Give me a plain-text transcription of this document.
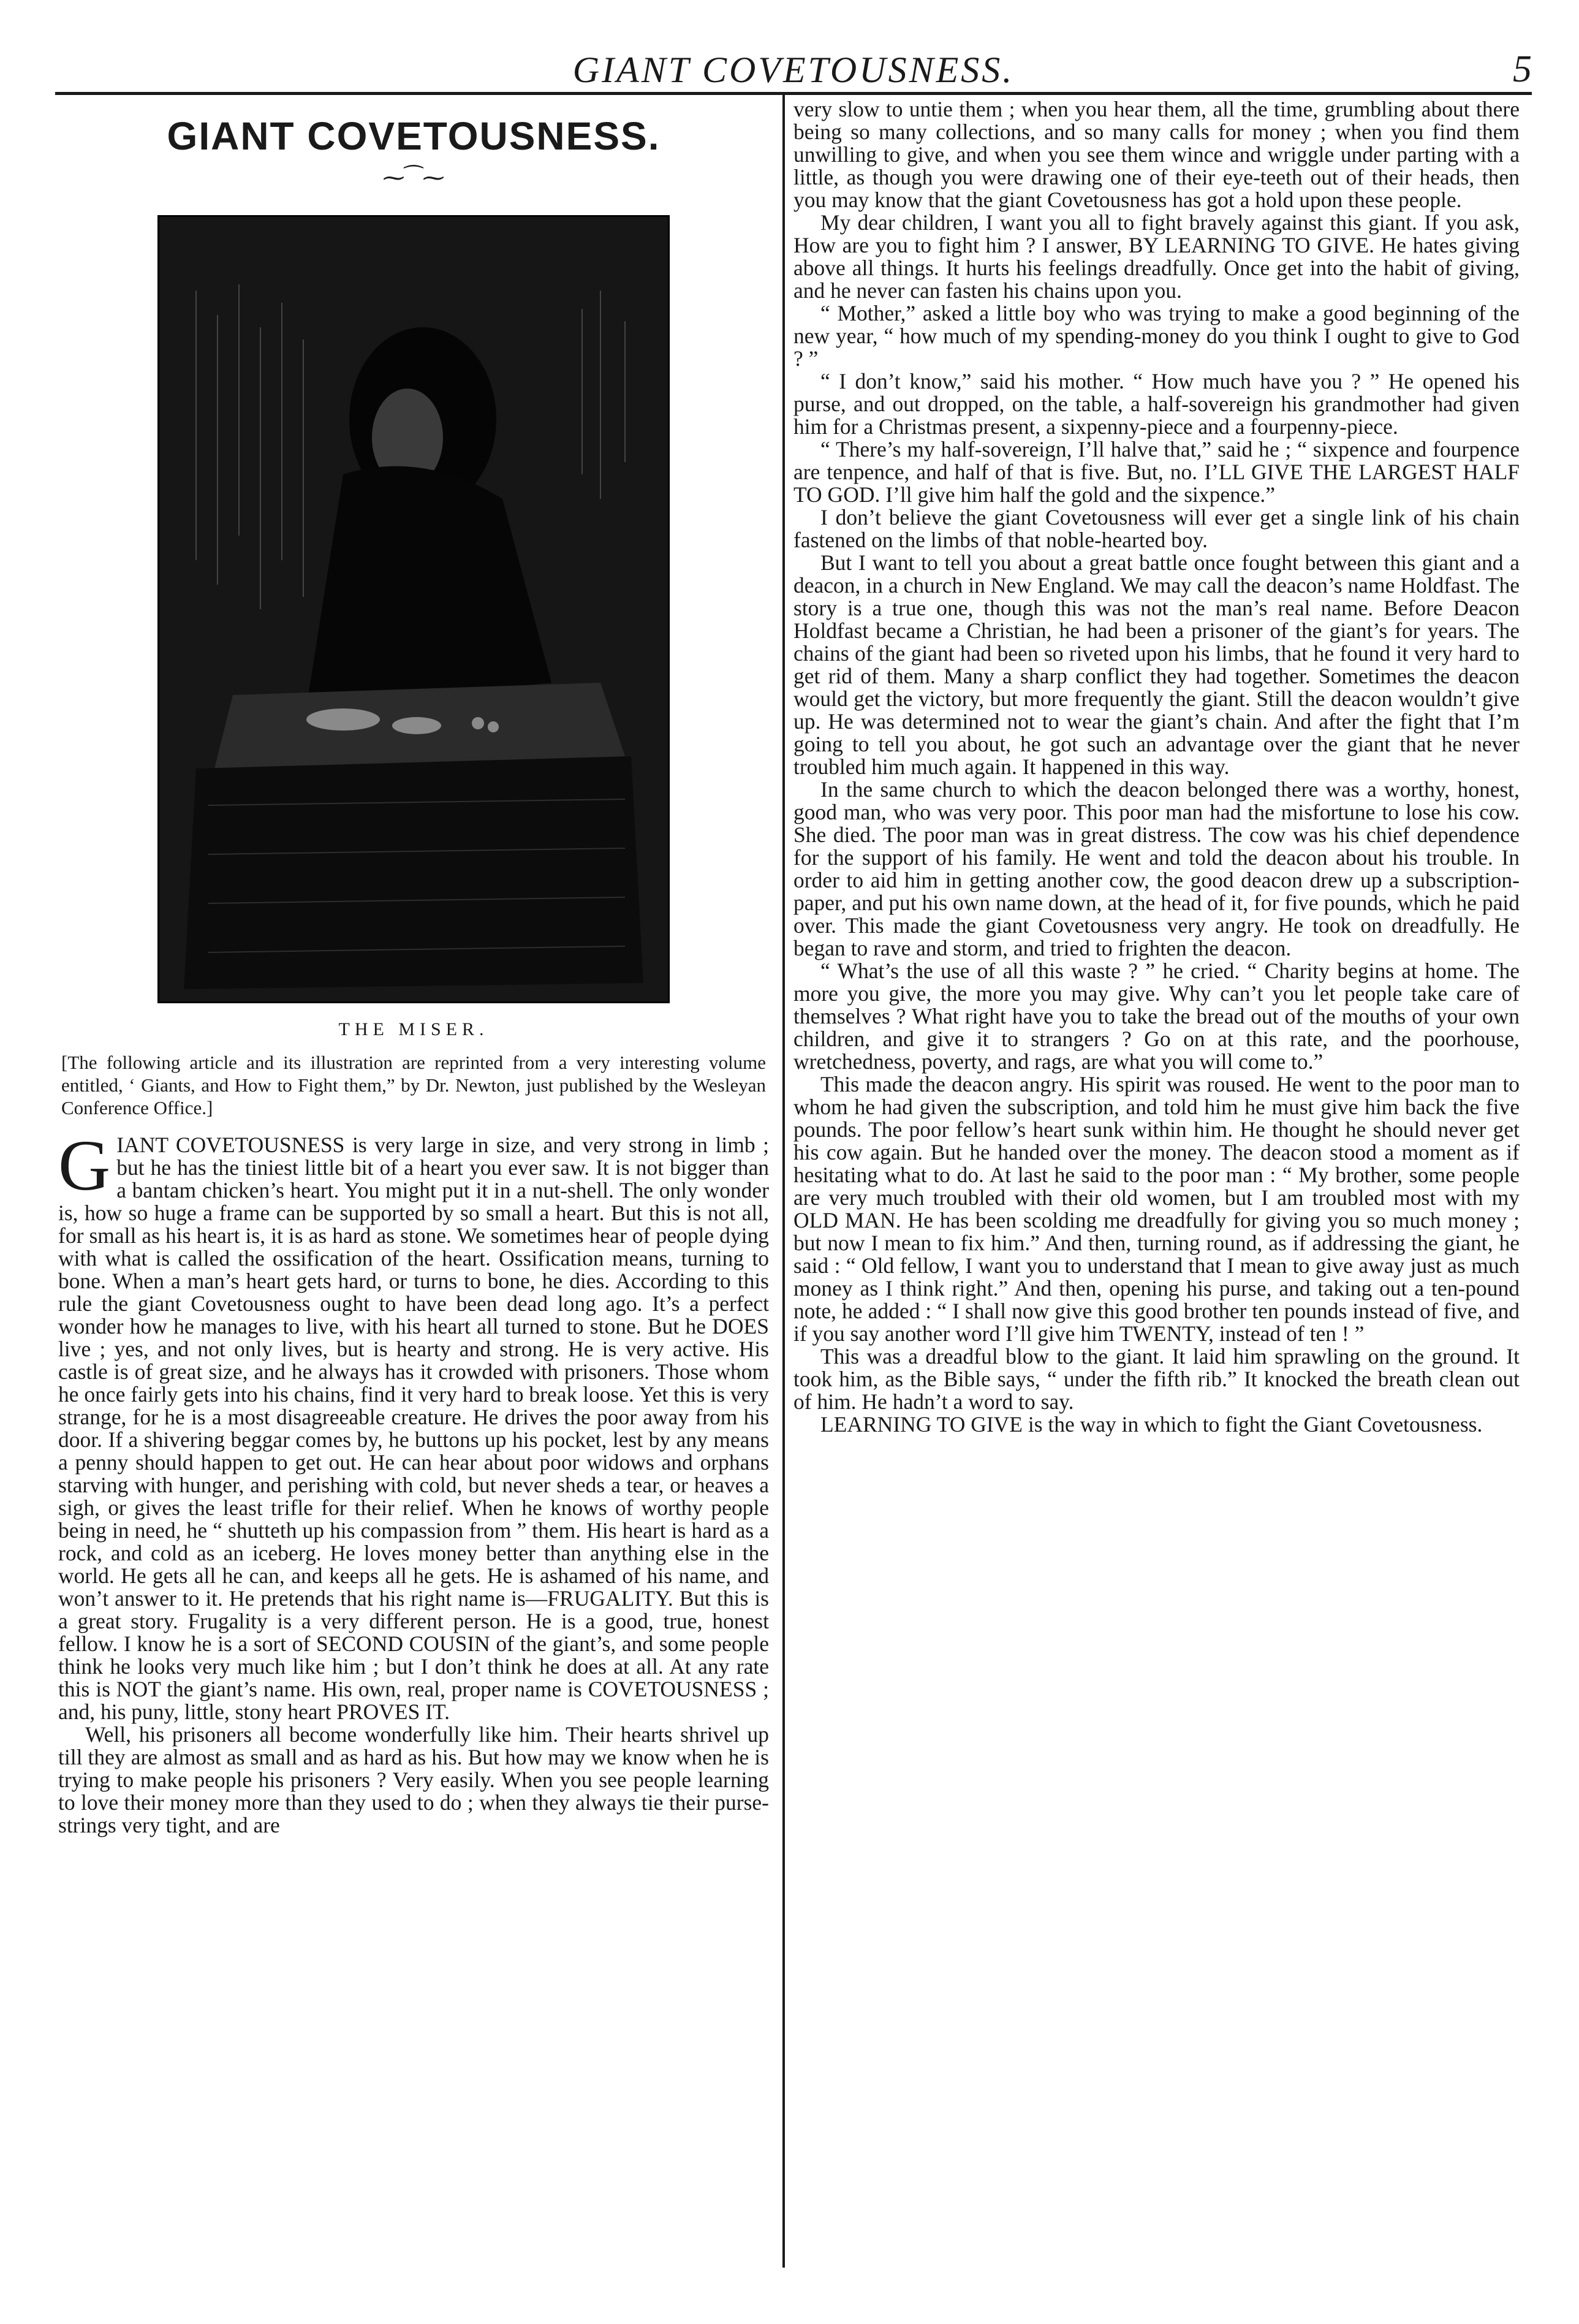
GIANT COVETOUSNESS.	5
GIANT COVETOUSNESS.
⁓⁀⁓
THE MISER.
[The following article and its illustration are reprinted from a very interesting volume entitled, ‘ Giants, and How to Fight them,” by Dr. Newton, just published by the Wesleyan Conference Office.]

GIANT COVETOUSNESS is very large in size, and very strong in limb ; but he has the tiniest little bit of a heart you ever saw. It is not bigger than a bantam chicken’s heart. You might put it in a nut-shell. The only wonder is, how so huge a frame can be supported by so small a heart. But this is not all, for small as his heart is, it is as hard as stone. We sometimes hear of people dying with what is called the ossification of the heart. Ossification means, turning to bone. When a man’s heart gets hard, or turns to bone, he dies. According to this rule the giant Covetousness ought to have been dead long ago. It’s a perfect wonder how he manages to live, with his heart all turned to stone. But he DOES live ; yes, and not only lives, but is hearty and strong. He is very active. His castle is of great size, and he always has it crowded with prisoners. Those whom he once fairly gets into his chains, find it very hard to break loose. Yet this is very strange, for he is a most disagreeable creature. He drives the poor away from his door. If a shivering beggar comes by, he buttons up his pocket, lest by any means a penny should happen to get out. He can hear about poor widows and orphans starving with hunger, and perishing with cold, but never sheds a tear, or heaves a sigh, or gives the least trifle for their relief. When he knows of worthy people being in need, he “ shutteth up his compassion from ” them. His heart is hard as a rock, and cold as an iceberg. He loves money better than anything else in the world. He gets all he can, and keeps all he gets. He is ashamed of his name, and won’t answer to it. He pretends that his right name is—FRUGALITY. But this is a great story. Frugality is a very different person. He is a good, true, honest fellow. I know he is a sort of SECOND COUSIN of the giant’s, and some people think he looks very much like him ; but I don’t think he does at all. At any rate this is NOT the giant’s name. His own, real, proper name is COVETOUSNESS ; and, his puny, little, stony heart PROVES IT.

Well, his prisoners all become wonderfully like him. Their hearts shrivel up till they are almost as small and as hard as his. But how may we know when he is trying to make people his prisoners ? Very easily. When you see people learning to love their money more than they used to do ; when they always tie their purse-strings very tight, and are

very slow to untie them ; when you hear them, all the time, grumbling about there being so many collections, and so many calls for money ; when you find them unwilling to give, and when you see them wince and wriggle under parting with a little, as though you were drawing one of their eye-teeth out of their heads, then you may know that the giant Covetousness has got a hold upon these people.

My dear children, I want you all to fight bravely against this giant. If you ask, How are you to fight him ? I answer, BY LEARNING TO GIVE. He hates giving above all things. It hurts his feelings dreadfully. Once get into the habit of giving, and he never can fasten his chains upon you.

“ Mother,” asked a little boy who was trying to make a good beginning of the new year, “ how much of my spending-money do you think I ought to give to God ? ”

“ I don’t know,” said his mother. “ How much have you ? ” He opened his purse, and out dropped, on the table, a half-sovereign his grandmother had given him for a Christmas present, a sixpenny-piece and a fourpenny-piece.

“ There’s my half-sovereign, I’ll halve that,” said he ; “ sixpence and fourpence are tenpence, and half of that is five. But, no. I’LL GIVE THE LARGEST HALF TO GOD. I’ll give him half the gold and the sixpence.”

I don’t believe the giant Covetousness will ever get a single link of his chain fastened on the limbs of that noble-hearted boy.

But I want to tell you about a great battle once fought between this giant and a deacon, in a church in New England. We may call the deacon’s name Holdfast. The story is a true one, though this was not the man’s real name. Before Deacon Holdfast became a Christian, he had been a prisoner of the giant’s for years. The chains of the giant had been so riveted upon his limbs, that he found it very hard to get rid of them. Many a sharp conflict they had together. Sometimes the deacon would get the victory, but more frequently the giant. Still the deacon wouldn’t give up. He was determined not to wear the giant’s chain. And after the fight that I’m going to tell you about, he got such an advantage over the giant that he never troubled him much again. It happened in this way.

In the same church to which the deacon belonged there was a worthy, honest, good man, who was very poor. This poor man had the misfortune to lose his cow. She died. The poor man was in great distress. The cow was his chief dependence for the support of his family. He went and told the deacon about his trouble. In order to aid him in getting another cow, the good deacon drew up a subscription-paper, and put his own name down, at the head of it, for five pounds, which he paid over. This made the giant Covetousness very angry. He took on dreadfully. He began to rave and storm, and tried to frighten the deacon.

“ What’s the use of all this waste ? ” he cried. “ Charity begins at home. The more you give, the more you may give. Why can’t you let people take care of themselves ? What right have you to take the bread out of the mouths of your own children, and give it to strangers ? Go on at this rate, and the poorhouse, wretchedness, poverty, and rags, are what you will come to.”

This made the deacon angry. His spirit was roused. He went to the poor man to whom he had given the subscription, and told him he must give him back the five pounds. The poor fellow’s heart sunk within him. He thought he should never get his cow again. But he handed over the money. The deacon stood a moment as if hesitating what to do. At last he said to the poor man : “ My brother, some people are very much troubled with their old women, but I am troubled most with my OLD MAN. He has been scolding me dreadfully for giving you so much money ; but now I mean to fix him.” And then, turning round, as if addressing the giant, he said : “ Old fellow, I want you to understand that I mean to give away just as much money as I think right.” And then, opening his purse, and taking out a ten-pound note, he added : “ I shall now give this good brother ten pounds instead of five, and if you say another word I’ll give him TWENTY, instead of ten ! ”

This was a dreadful blow to the giant. It laid him sprawling on the ground. It took him, as the Bible says, “ under the fifth rib.” It knocked the breath clean out of him. He hadn’t a word to say.

LEARNING TO GIVE is the way in which to fight the Giant Covetousness.
